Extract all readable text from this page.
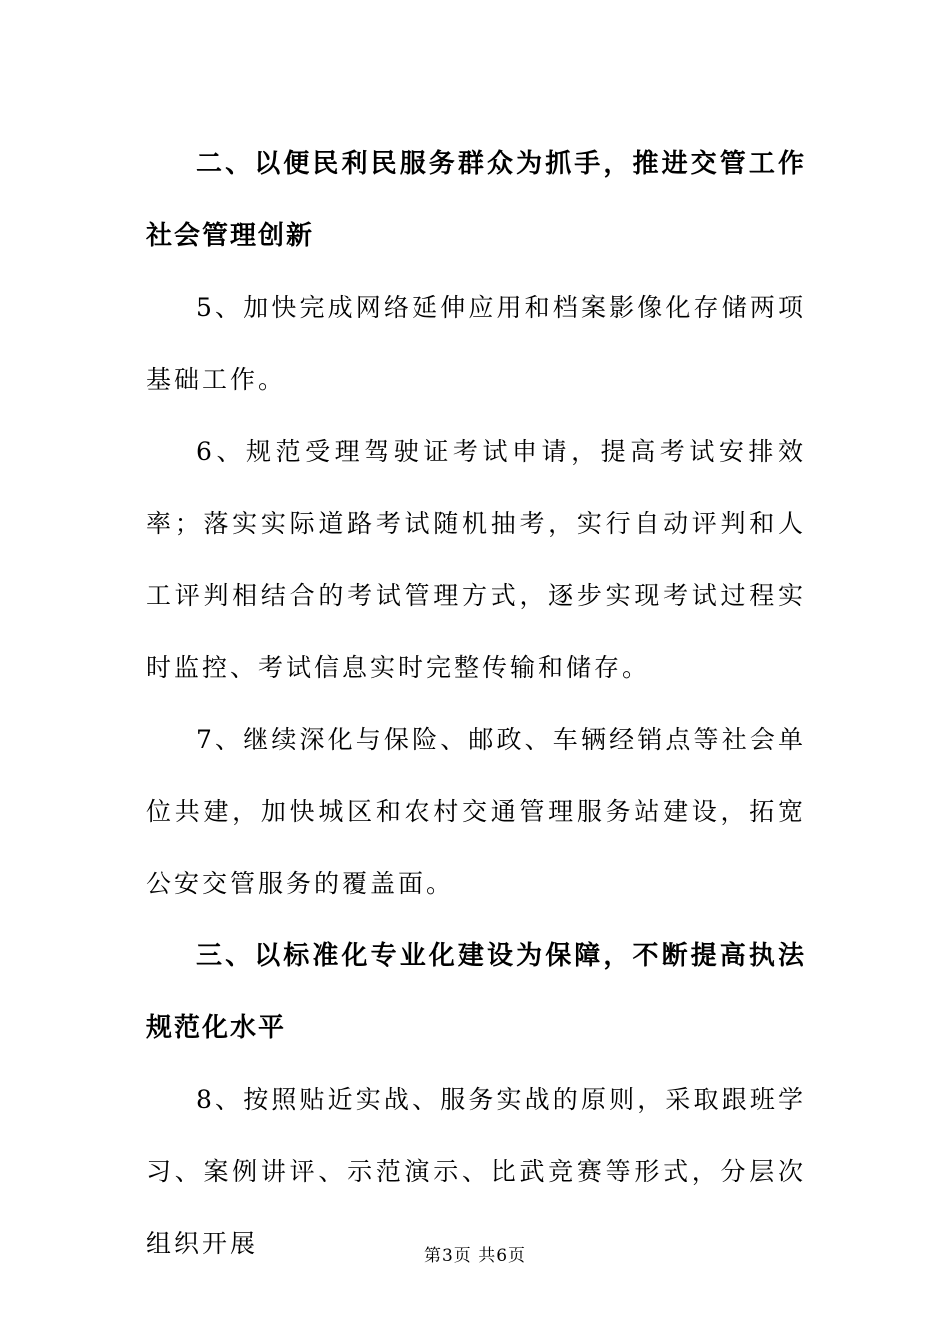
二、以便民利民服务群众为抓手，推进交管工作社会管理创新

5、加快完成网络延伸应用和档案影像化存储两项基础工作。

6、规范受理驾驶证考试申请，提高考试安排效率；落实实际道路考试随机抽考，实行自动评判和人工评判相结合的考试管理方式，逐步实现考试过程实时监控、考试信息实时完整传输和储存。

7、继续深化与保险、邮政、车辆经销点等社会单位共建，加快城区和农村交通管理服务站建设，拓宽公安交管服务的覆盖面。

三、以标准化专业化建设为保障，不断提高执法规范化水平

8、按照贴近实战、服务实战的原则，采取跟班学习、案例讲评、示范演示、比武竞赛等形式，分层次组织开展	第3页 共6页
